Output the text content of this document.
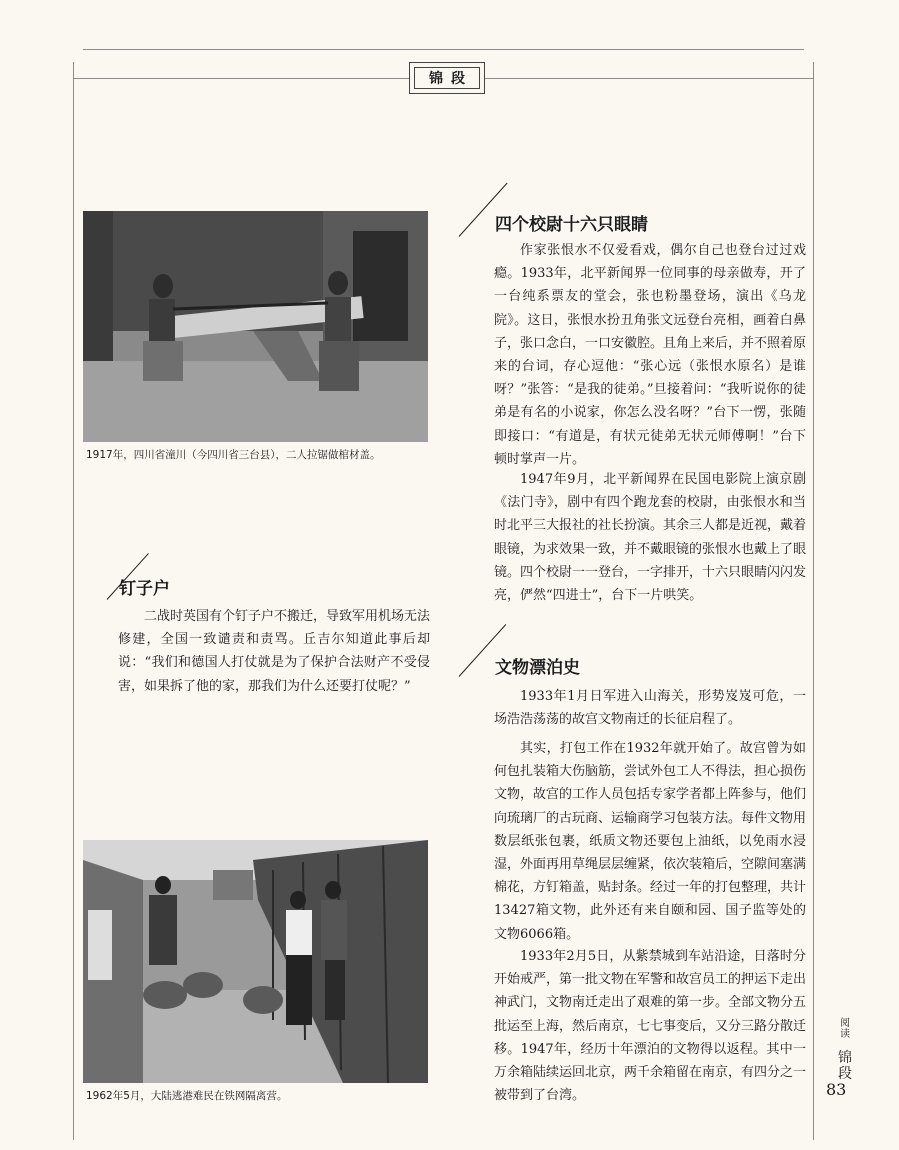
锦段

1917年，四川省潼川（今四川省三台县），二人拉锯做棺材盖。

钉子户

二战时英国有个钉子户不搬迁，导致军用机场无法修建，全国一致谴责和责骂。丘吉尔知道此事后却说：“我们和德国人打仗就是为了保护合法财产不受侵害，如果拆了他的家，那我们为什么还要打仗呢？”

1962年5月，大陆逃港难民在铁网隔离营。

四个校尉十六只眼睛

作家张恨水不仅爱看戏，偶尔自己也登台过过戏瘾。1933年，北平新闻界一位同事的母亲做寿，开了一台纯系票友的堂会，张也粉墨登场，演出《乌龙院》。这日，张恨水扮丑角张文远登台亮相，画着白鼻子，张口念白，一口安徽腔。且角上来后，并不照着原来的台词，存心逗他：“张心远（张恨水原名）是谁呀？”张答：“是我的徒弟。”旦接着问：“我听说你的徒弟是有名的小说家，你怎么没名呀？”台下一愣，张随即接口：“有道是，有状元徒弟无状元师傅啊！”台下顿时掌声一片。

1947年9月，北平新闻界在民国电影院上演京剧《法门寺》，剧中有四个跑龙套的校尉，由张恨水和当时北平三大报社的社长扮演。其余三人都是近视，戴着眼镜，为求效果一致，并不戴眼镜的张恨水也戴上了眼镜。四个校尉一一登台，一字排开，十六只眼睛闪闪发亮，俨然“四进士”，台下一片哄笑。

文物漂泊史

1933年1月日军进入山海关，形势岌岌可危，一场浩浩荡荡的故宫文物南迁的长征启程了。

其实，打包工作在1932年就开始了。故宫曾为如何包扎装箱大伤脑筋，尝试外包工人不得法，担心损伤文物，故宫的工作人员包括专家学者都上阵参与，他们向琉璃厂的古玩商、运输商学习包装方法。每件文物用数层纸张包裹，纸质文物还要包上油纸，以免雨水浸湿，外面再用草绳层层缠紧，依次装箱后，空隙间塞满棉花，方钉箱盖，贴封条。经过一年的打包整理，共计13427箱文物，此外还有来自颐和园、国子监等处的文物6066箱。

1933年2月5日，从紫禁城到车站沿途，日落时分开始戒严，第一批文物在军警和故宫员工的押运下走出神武门，文物南迁走出了艰难的第一步。全部文物分五批运至上海，然后南京，七七事变后，又分三路分散迁移。1947年，经历十年漂泊的文物得以返程。其中一万余箱陆续运回北京，两千余箱留在南京，有四分之一被带到了台湾。

阅读
锦段
83
